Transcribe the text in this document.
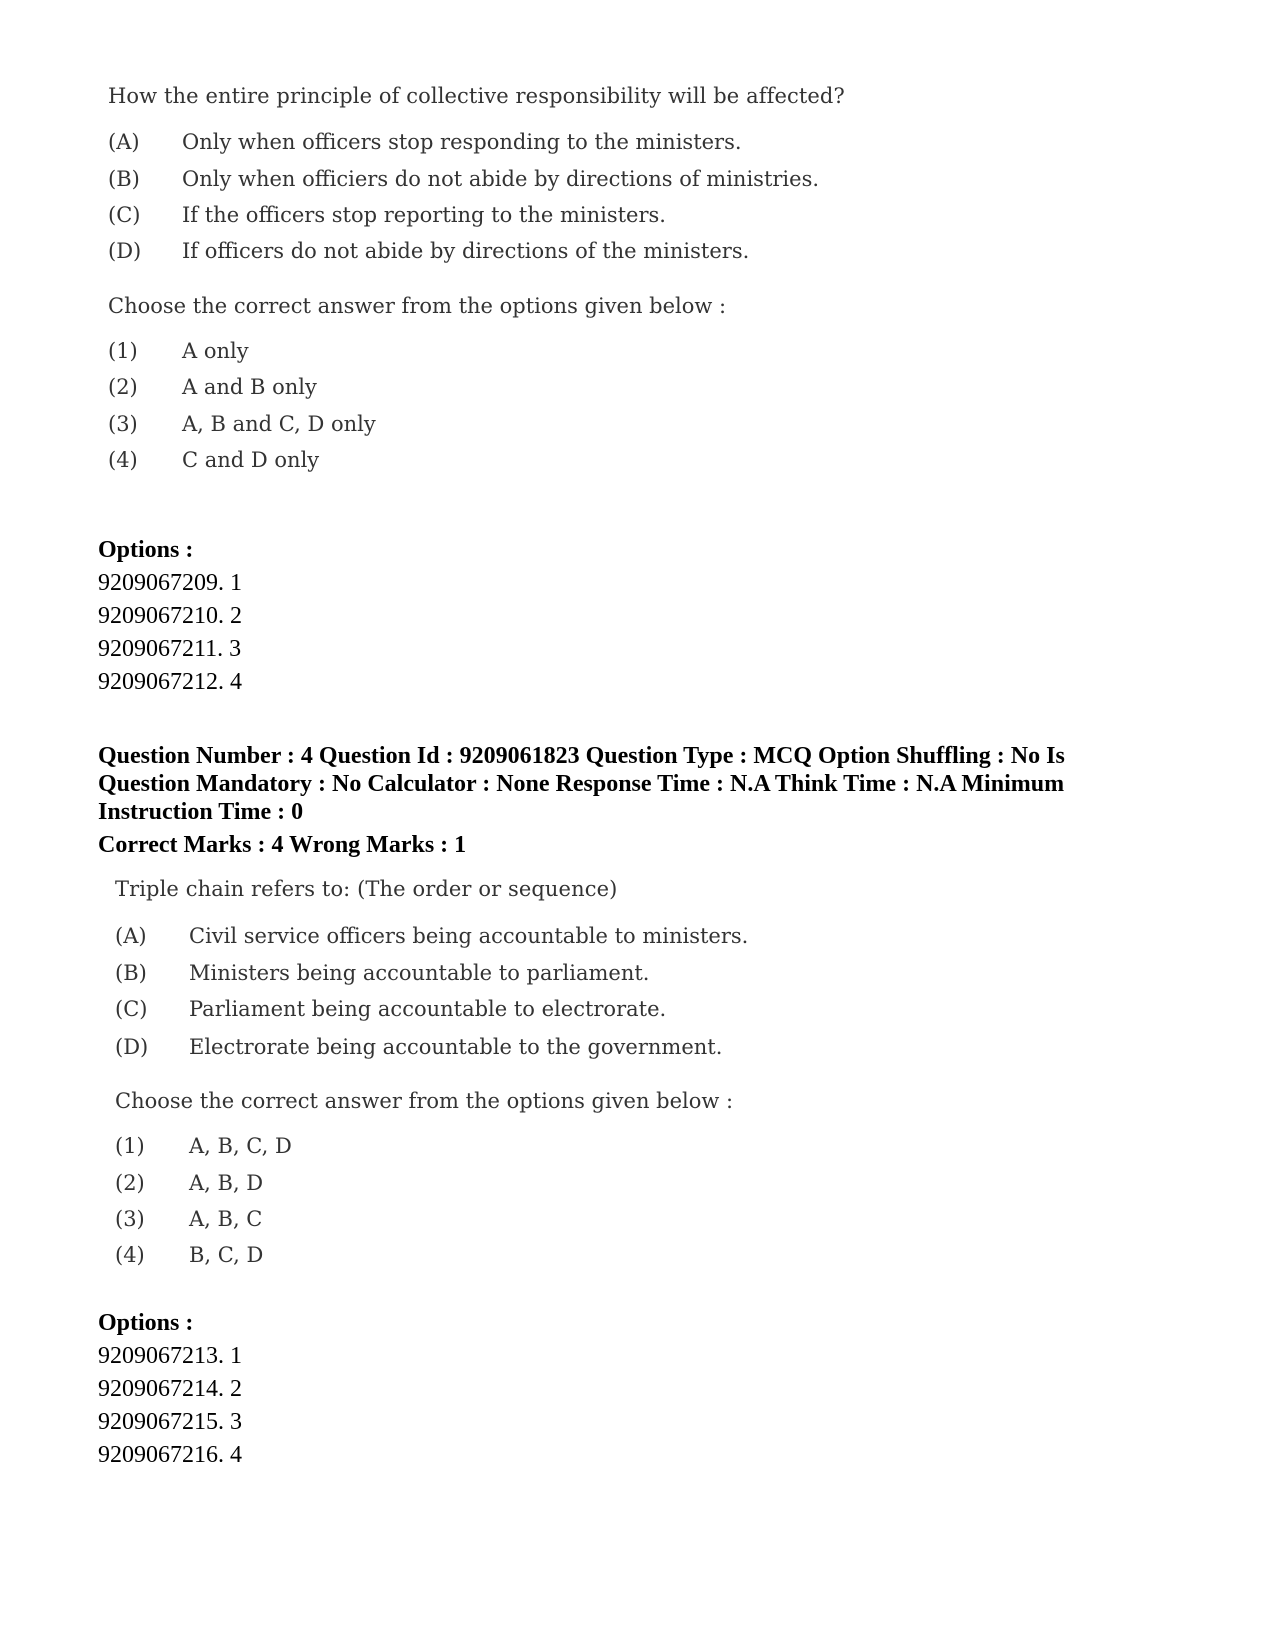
How the entire principle of collective responsibility will be affected?
(A) Only when officers stop responding to the ministers.
(B) Only when officiers do not abide by directions of ministries.
(C) If the officers stop reporting to the ministers.
(D) If officers do not abide by directions of the ministers.
Choose the correct answer from the options given below :
(1) A only
(2) A and B only
(3) A, B and C, D only
(4) C and D only
Options :
9209067209. 1
9209067210. 2
9209067211. 3
9209067212. 4
Question Number : 4 Question Id : 9209061823 Question Type : MCQ Option Shuffling : No Is
Question Mandatory : No Calculator : None Response Time : N.A Think Time : N.A Minimum
Instruction Time : 0
Correct Marks : 4 Wrong Marks : 1
Triple chain refers to: (The order or sequence)
(A) Civil service officers being accountable to ministers.
(B) Ministers being accountable to parliament.
(C) Parliament being accountable to electrorate.
(D) Electrorate being accountable to the government.
Choose the correct answer from the options given below :
(1) A, B, C, D
(2) A, B, D
(3) A, B, C
(4) B, C, D
Options :
9209067213. 1
9209067214. 2
9209067215. 3
9209067216. 4
